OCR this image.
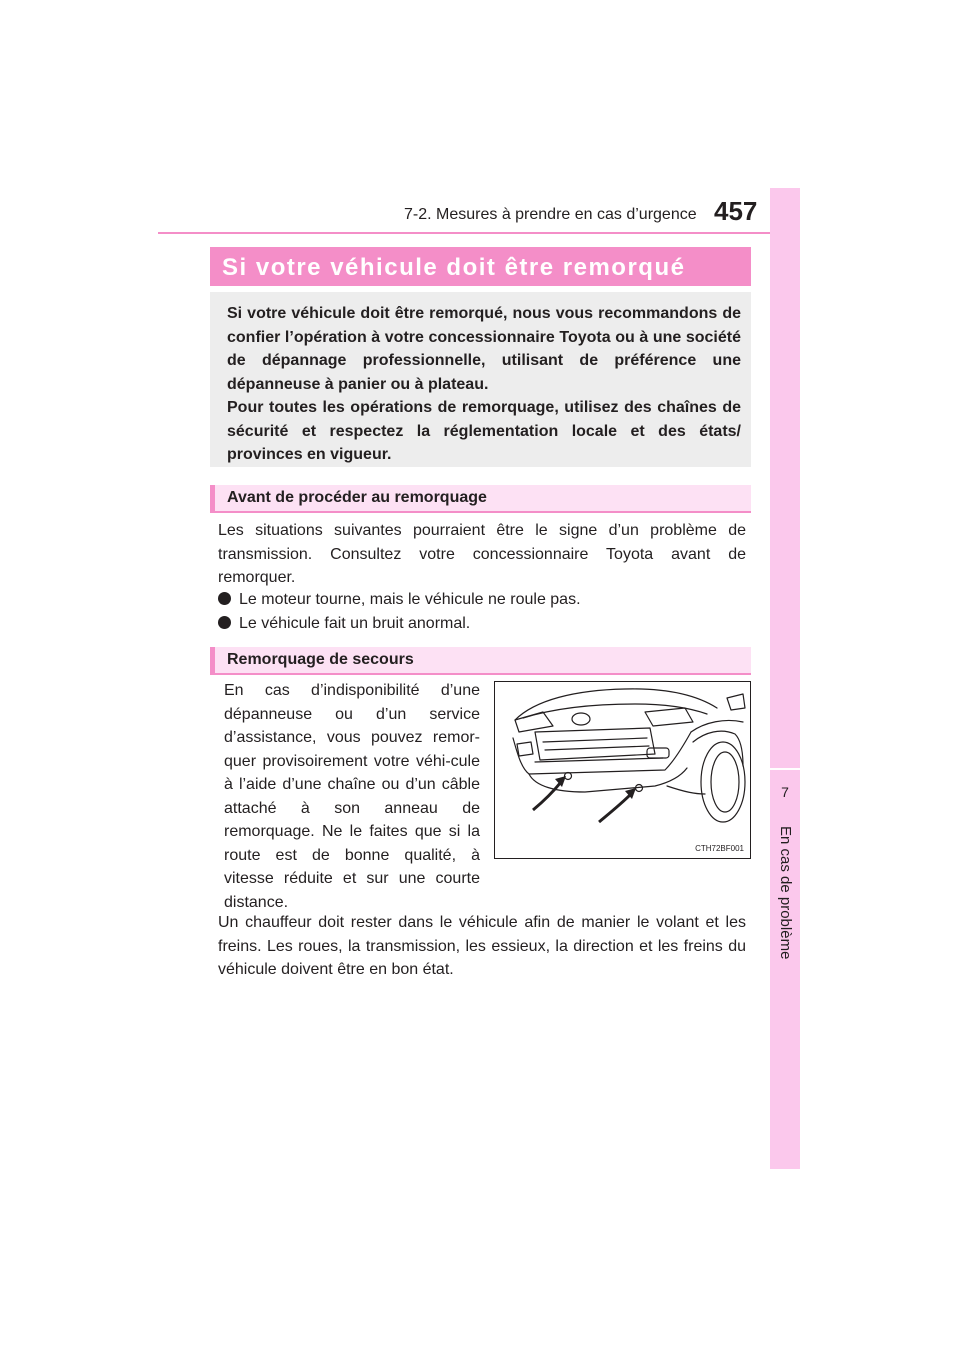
7-2. Mesures à prendre en cas d’urgence 457
7
En cas de problème
Si votre véhicule doit être remorqué

Si votre véhicule doit être remorqué, nous vous recommandons de confier l’opération à votre concessionnaire Toyota ou à une société de dépannage professionnelle, utilisant de préférence une dépanneuse à panier ou à plateau.

Pour toutes les opérations de remorquage, utilisez des chaînes de sécurité et respectez la réglementation locale et des états/ provinces en vigueur.

Avant de procéder au remorquage

Les situations suivantes pourraient être le signe d’un problème de transmission. Consultez votre concessionnaire Toyota avant de remorquer.

Le moteur tourne, mais le véhicule ne roule pas.
Le véhicule fait un bruit anormal.
Remorquage de secours

En cas d’indisponibilité d’une dépanneuse ou d’un service d’assistance, vous pouvez remor-quer provisoirement votre véhi-cule à l’aide d’une chaîne ou d’un câble attaché à son anneau de remorquage. Ne le faites que si la route est de bonne qualité, à vitesse réduite et sur une courte distance.

CTH72BF001

Un chauffeur doit rester dans le véhicule afin de manier le volant et les freins. Les roues, la transmission, les essieux, la direction et les freins du véhicule doivent être en bon état.
